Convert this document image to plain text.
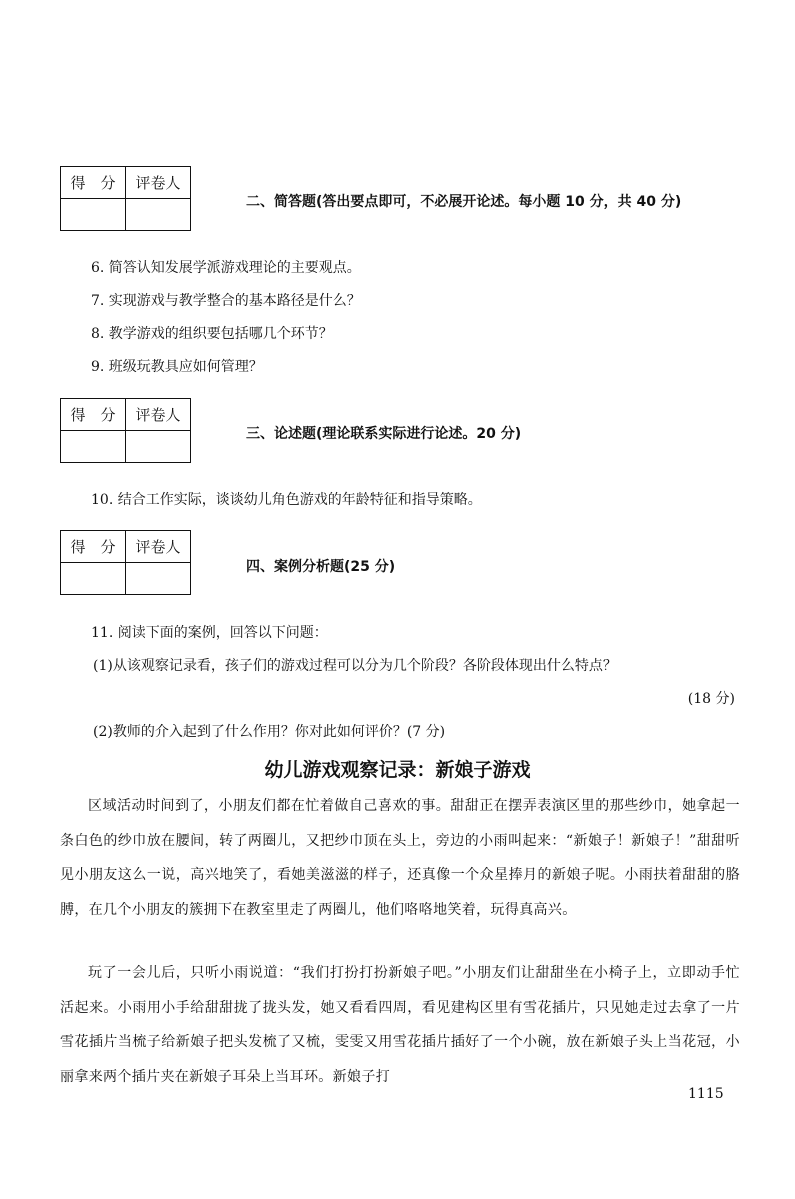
得　分	评卷人

二、简答题(答出要点即可，不必展开论述。每小题 10 分，共 40 分)
6. 简答认知发展学派游戏理论的主要观点。
7. 实现游戏与教学整合的基本路径是什么？
8. 教学游戏的组织要包括哪几个环节？
9. 班级玩教具应如何管理？
得　分	评卷人

三、论述题(理论联系实际进行论述。20 分)
10. 结合工作实际，谈谈幼儿角色游戏的年龄特征和指导策略。
得　分	评卷人

四、案例分析题(25 分)
11. 阅读下面的案例，回答以下问题：
(1)从该观察记录看，孩子们的游戏过程可以分为几个阶段？各阶段体现出什么特点？
(18 分)
(2)教师的介入起到了什么作用？你对此如何评价？(7 分)
幼儿游戏观察记录：新娘子游戏
区域活动时间到了，小朋友们都在忙着做自己喜欢的事。甜甜正在摆弄表演区里的那些纱巾，她拿起一条白色的纱巾放在腰间，转了两圈儿，又把纱巾顶在头上，旁边的小雨叫起来：“新娘子！新娘子！”甜甜听见小朋友这么一说，高兴地笑了，看她美滋滋的样子，还真像一个众星捧月的新娘子呢。小雨扶着甜甜的胳膊，在几个小朋友的簇拥下在教室里走了两圈儿，他们咯咯地笑着，玩得真高兴。
玩了一会儿后，只听小雨说道：“我们打扮打扮新娘子吧。”小朋友们让甜甜坐在小椅子上，立即动手忙活起来。小雨用小手给甜甜拢了拢头发，她又看看四周，看见建构区里有雪花插片，只见她走过去拿了一片雪花插片当梳子给新娘子把头发梳了又梳，雯雯又用雪花插片插好了一个小碗，放在新娘子头上当花冠，小丽拿来两个插片夹在新娘子耳朵上当耳环。新娘子打
1115
